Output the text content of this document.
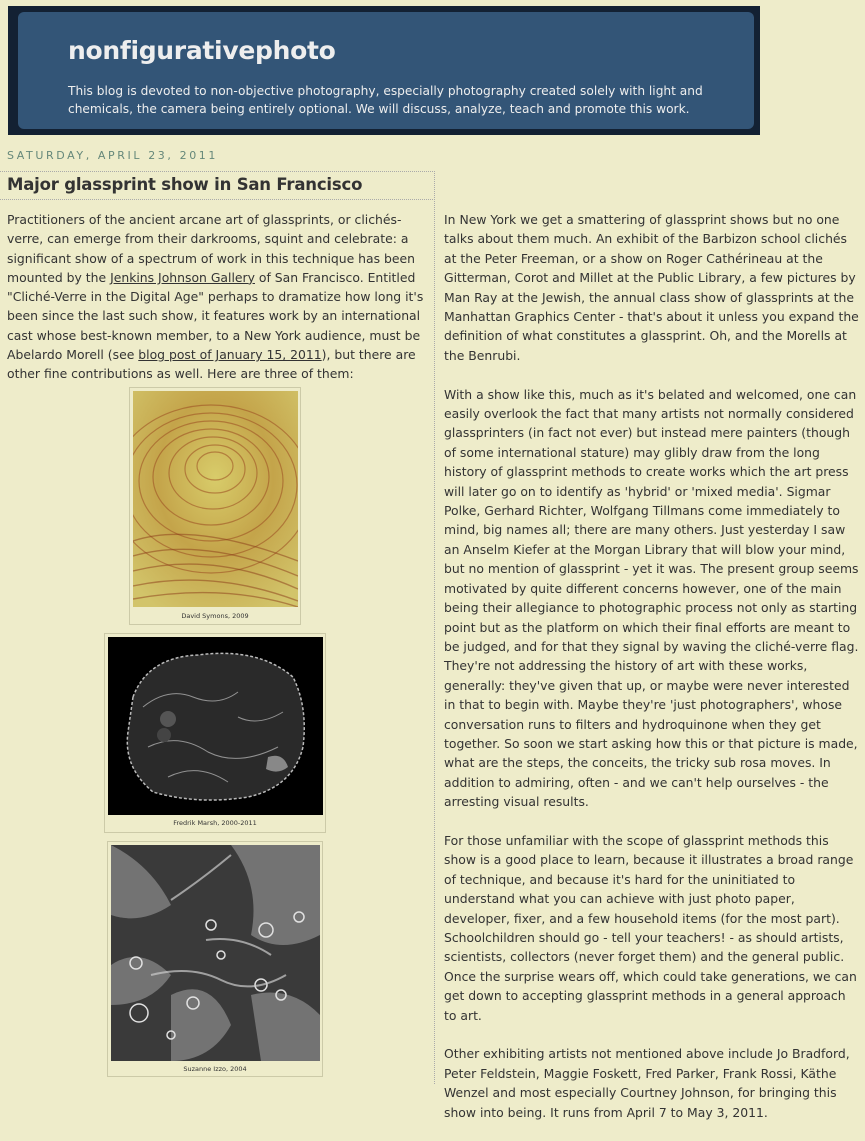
nonfigurativephoto

This blog is devoted to non-objective photography, especially photography created solely with light and chemicals, the camera being entirely optional. We will discuss, analyze, teach and promote this work.

SATURDAY, APRIL 23, 2011
Major glassprint show in San Francisco

Practitioners of the ancient arcane art of glassprints, or clichés-verre, can emerge from their darkrooms, squint and celebrate: a significant show of a spectrum of work in this technique has been mounted by the Jenkins Johnson Gallery of San Francisco. Entitled "Cliché-Verre in the Digital Age" perhaps to dramatize how long it's been since the last such show, it features work by an international cast whose best-known member, to a New York audience, must be Abelardo Morell (see blog post of January 15, 2011), but there are other fine contributions as well. Here are three of them:

David Symons, 2009
Fredrik Marsh, 2000-2011
Suzanne Izzo, 2004

In New York we get a smattering of glassprint shows but no one talks about them much. An exhibit of the Barbizon school clichés at the Peter Freeman, or a show on Roger Cathérineau at the Gitterman, Corot and Millet at the Public Library, a few pictures by Man Ray at the Jewish, the annual class show of glassprints at the Manhattan Graphics Center - that's about it unless you expand the definition of what constitutes a glassprint. Oh, and the Morells at the Benrubi.

With a show like this, much as it's belated and welcomed, one can easily overlook the fact that many artists not normally considered glassprinters (in fact not ever) but instead mere painters (though of some international stature) may glibly draw from the long history of glassprint methods to create works which the art press will later go on to identify as 'hybrid' or 'mixed media'. Sigmar Polke, Gerhard Richter, Wolfgang Tillmans come immediately to mind, big names all; there are many others. Just yesterday I saw an Anselm Kiefer at the Morgan Library that will blow your mind, but no mention of glassprint - yet it was. The present group seems motivated by quite different concerns however, one of the main being their allegiance to photographic process not only as starting point but as the platform on which their final efforts are meant to be judged, and for that they signal by waving the cliché-verre flag. They're not addressing the history of art with these works, generally: they've given that up, or maybe were never interested in that to begin with. Maybe they're 'just photographers', whose conversation runs to filters and hydroquinone when they get together. So soon we start asking how this or that picture is made, what are the steps, the conceits, the tricky sub rosa moves. In addition to admiring, often - and we can't help ourselves - the arresting visual results.

For those unfamiliar with the scope of glassprint methods this show is a good place to learn, because it illustrates a broad range of technique, and because it's hard for the uninitiated to understand what you can achieve with just photo paper, developer, fixer, and a few household items (for the most part). Schoolchildren should go - tell your teachers! - as should artists, scientists, collectors (never forget them) and the general public. Once the surprise wears off, which could take generations, we can get down to accepting glassprint methods in a general approach to art.

Other exhibiting artists not mentioned above include Jo Bradford, Peter Feldstein, Maggie Foskett, Fred Parker, Frank Rossi, Käthe Wenzel and most especially Courtney Johnson, for bringing this show into being. It runs from April 7 to May 3, 2011.
